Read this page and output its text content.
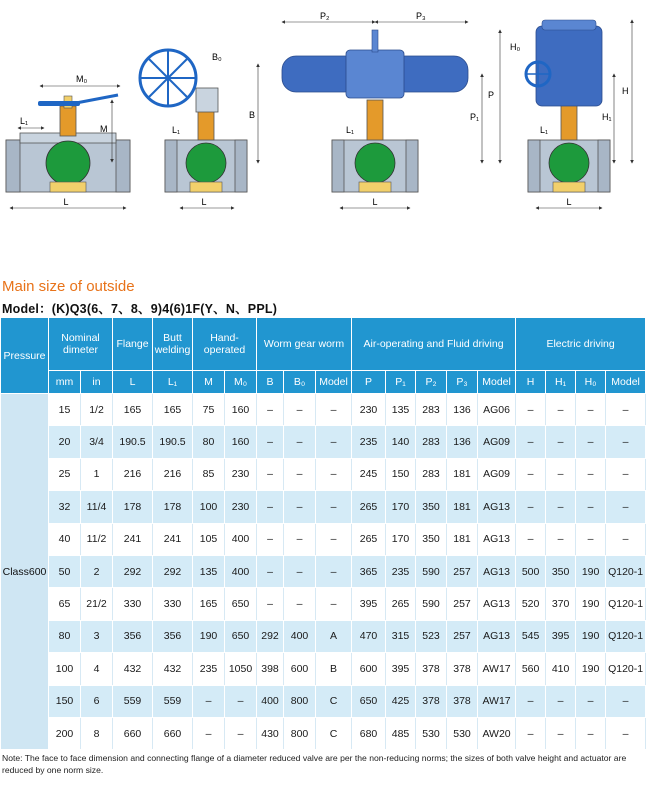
L
L₁
M₀
M
L
L₁
B₀
B
P₂	P₃
P
P₁
L
L₁
H₀
H
H₁
L
L₁
Main size of outside

Model：(K)Q3(6、7、8、9)4(6)1F(Y、N、PPL)

Pressure	Nominal dimeter		Flange	Butt welding	Hand- operated		Worm gear worm			Air-operating and Fluid driving					Electric driving			
	mm	in	L	L₁	M	M₀	B	B₀	Model	P	P₁	P₂	P₃	Model	H	H₁	H₀	Model
Class600	15	1/2	165	165	75	160	–	–	–	230	135	283	136	AG06	–	–	–	–
	20	3/4	190.5	190.5	80	160	–	–	–	235	140	283	136	AG09	–	–	–	–
	25	1	216	216	85	230	–	–	–	245	150	283	181	AG09	–	–	–	–
	32	11/4	178	178	100	230	–	–	–	265	170	350	181	AG13	–	–	–	–
	40	11/2	241	241	105	400	–	–	–	265	170	350	181	AG13	–	–	–	–
	50	2	292	292	135	400	–	–	–	365	235	590	257	AG13	500	350	190	Q120-1
	65	21/2	330	330	165	650	–	–	–	395	265	590	257	AG13	520	370	190	Q120-1
	80	3	356	356	190	650	292	400	A	470	315	523	257	AG13	545	395	190	Q120-1
	100	4	432	432	235	1050	398	600	B	600	395	378	378	AW17	560	410	190	Q120-1
	150	6	559	559	–	–	400	800	C	650	425	378	378	AW17	–	–	–	–
	200	8	660	660	–	–	430	800	C	680	485	530	530	AW20	–	–	–	–

Note: The face to face dimension and connecting flange of a diameter reduced valve are per the non-reducing norms; the sizes of both valve height and actuator are reduced by one norm size.
